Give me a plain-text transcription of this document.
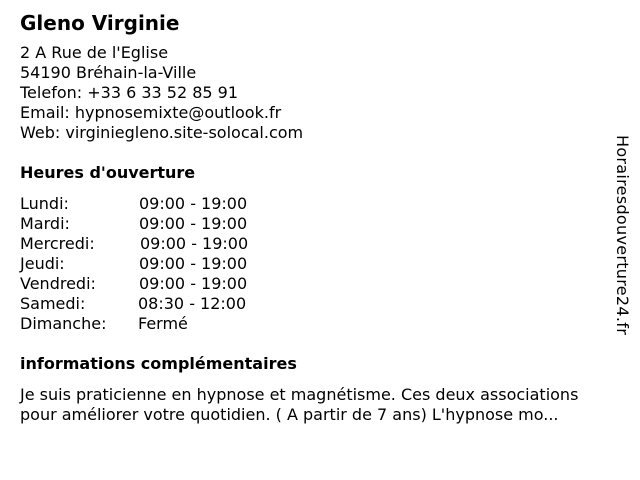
Gleno Virginie
2 A Rue de l'Eglise
54190 Bréhain-la-Ville
Telefon: +33 6 33 52 85 91
Email: hypnosemixte@outlook.fr
Web: virginiegleno.site-solocal.com
Heures d'ouverture
Lundi:	09:00 - 19:00
Mardi:	09:00 - 19:00
Mercredi:	09:00 - 19:00
Jeudi:	09:00 - 19:00
Vendredi:	09:00 - 19:00
Samedi:	08:30 - 12:00
Dimanche: Fermé
informations complémentaires
Je suis praticienne en hypnose et magnétisme. Ces deux associations
pour améliorer votre quotidien. ( A partir de 7 ans) L'hypnose mo...
Horairesdouverture24.fr
